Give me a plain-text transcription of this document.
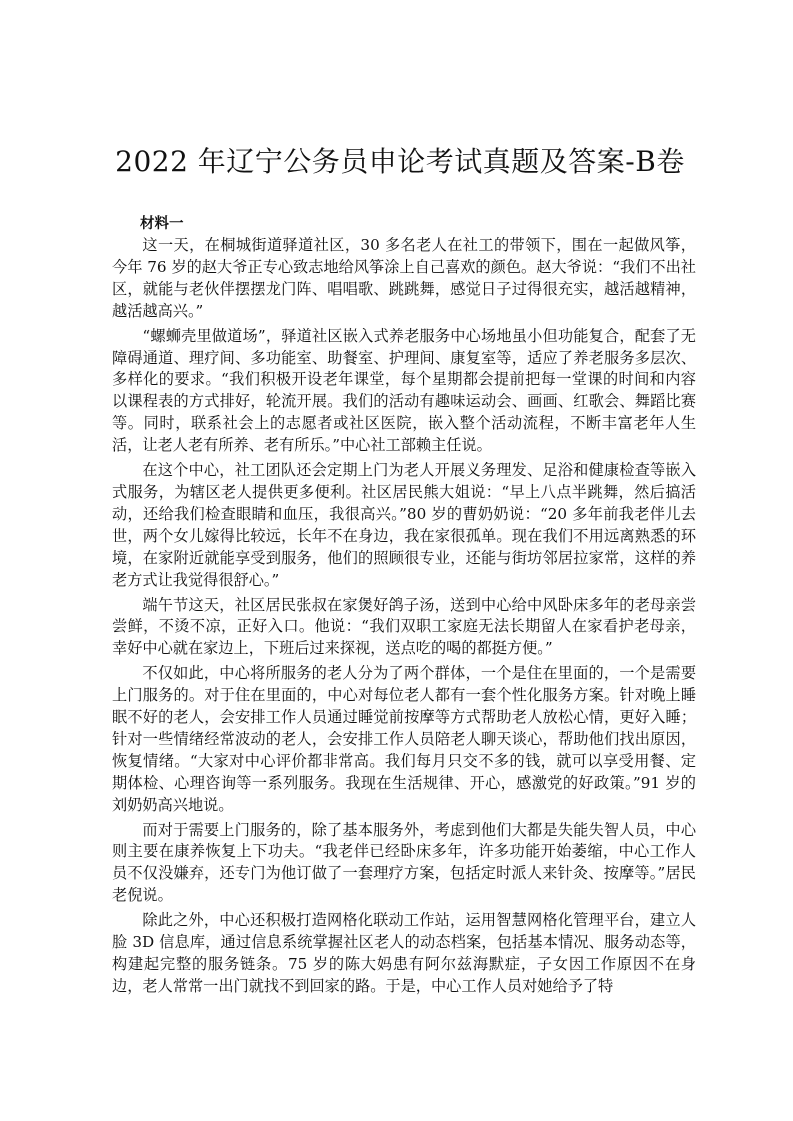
2022 年辽宁公务员申论考试真题及答案-B卷
材料一

这一天，在桐城街道驿道社区，30 多名老人在社工的带领下，围在一起做风筝，今年 76 岁的赵大爷正专心致志地给风筝涂上自己喜欢的颜色。赵大爷说：“我们不出社区，就能与老伙伴摆摆龙门阵、唱唱歌、跳跳舞，感觉日子过得很充实，越活越精神，越活越高兴。”

“螺蛳壳里做道场”，驿道社区嵌入式养老服务中心场地虽小但功能复合，配套了无障碍通道、理疗间、多功能室、助餐室、护理间、康复室等，适应了养老服务多层次、多样化的要求。“我们积极开设老年课堂，每个星期都会提前把每一堂课的时间和内容以课程表的方式排好，轮流开展。我们的活动有趣味运动会、画画、红歌会、舞蹈比赛等。同时，联系社会上的志愿者或社区医院，嵌入整个活动流程，不断丰富老年人生活，让老人老有所养、老有所乐。”中心社工部赖主任说。

在这个中心，社工团队还会定期上门为老人开展义务理发、足浴和健康检查等嵌入式服务，为辖区老人提供更多便利。社区居民熊大姐说：“早上八点半跳舞，然后搞活动，还给我们检查眼睛和血压，我很高兴。”80 岁的曹奶奶说：“20 多年前我老伴儿去世，两个女儿嫁得比较远，长年不在身边，我在家很孤单。现在我们不用远离熟悉的环境，在家附近就能享受到服务，他们的照顾很专业，还能与街坊邻居拉家常，这样的养老方式让我觉得很舒心。”

端午节这天，社区居民张叔在家煲好鸽子汤，送到中心给中风卧床多年的老母亲尝尝鲜，不烫不凉，正好入口。他说：“我们双职工家庭无法长期留人在家看护老母亲，幸好中心就在家边上，下班后过来探视，送点吃的喝的都挺方便。”

不仅如此，中心将所服务的老人分为了两个群体，一个是住在里面的，一个是需要上门服务的。对于住在里面的，中心对每位老人都有一套个性化服务方案。针对晚上睡眠不好的老人，会安排工作人员通过睡觉前按摩等方式帮助老人放松心情，更好入睡；针对一些情绪经常波动的老人，会安排工作人员陪老人聊天谈心，帮助他们找出原因，恢复情绪。“大家对中心评价都非常高。我们每月只交不多的钱，就可以享受用餐、定期体检、心理咨询等一系列服务。我现在生活规律、开心，感激党的好政策。”91 岁的刘奶奶高兴地说。

而对于需要上门服务的，除了基本服务外，考虑到他们大都是失能失智人员，中心则主要在康养恢复上下功夫。“我老伴已经卧床多年，许多功能开始萎缩，中心工作人员不仅没嫌弃，还专门为他订做了一套理疗方案，包括定时派人来针灸、按摩等。”居民老倪说。

除此之外，中心还积极打造网格化联动工作站，运用智慧网格化管理平台，建立人脸 3D 信息库，通过信息系统掌握社区老人的动态档案，包括基本情况、服务动态等，构建起完整的服务链条。75 岁的陈大妈患有阿尔兹海默症，子女因工作原因不在身边，老人常常一出门就找不到回家的路。于是，中心工作人员对她给予了特
